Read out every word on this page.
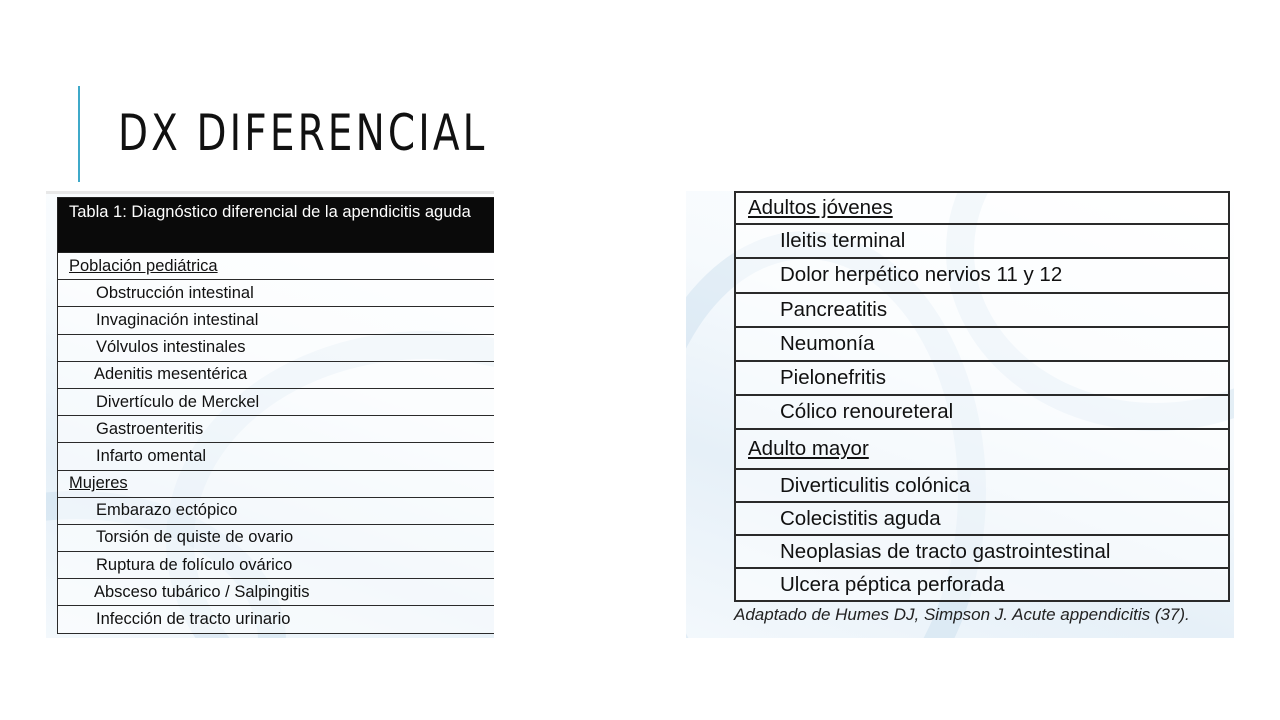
DX DIFERENCIAL
Tabla 1: Diagnóstico diferencial de la apendicitis aguda
Población pediátrica
Obstrucción intestinal
Invaginación intestinal
Vólvulos intestinales
Adenitis mesentérica
Divertículo de Merckel
Gastroenteritis
Infarto omental
Mujeres
Embarazo ectópico
Torsión de quiste de ovario
Ruptura de folículo ovárico
Absceso tubárico / Salpingitis
Infección de tracto urinario
Adultos jóvenes
Ileitis terminal
Dolor herpético nervios 11 y 12
Pancreatitis
Neumonía
Pielonefritis
Cólico renoureteral
Adulto mayor
Diverticulitis colónica
Colecistitis aguda
Neoplasias de tracto gastrointestinal
Ulcera péptica perforada
Adaptado de Humes DJ, Simpson J. Acute appendicitis (37).
